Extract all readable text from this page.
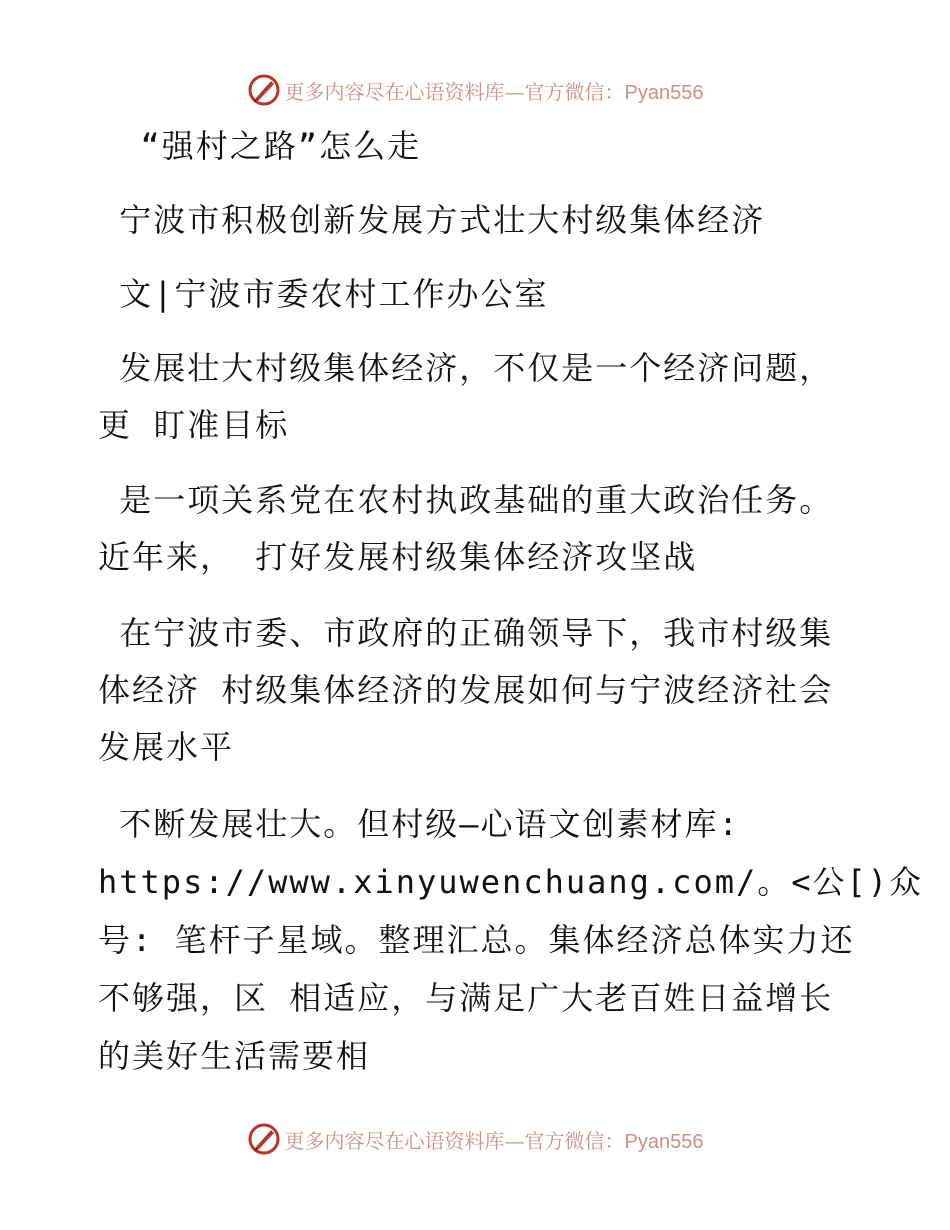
更多内容尽在心语资料库—官方微信：Pyan556
“强村之路”怎么走
宁波市积极创新发展方式壮大村级集体经济
文|宁波市委农村工作办公室
发展壮大村级集体经济，不仅是一个经济问题，
更 盯准目标
是一项关系党在农村执政基础的重大政治任务。
近年来， 打好发展村级集体经济攻坚战
在宁波市委、市政府的正确领导下，我市村级集
体经济 村级集体经济的发展如何与宁波经济社会
发展水平
不断发展壮大。但村级—心语文创素材库:
https://www.xinyuwenchuang.com/。<公[)众
号: 笔杆子星域。整理汇总。集体经济总体实力还
不够强，区 相适应，与满足广大老百姓日益增长
的美好生活需要相
更多内容尽在心语资料库—官方微信：Pyan556
